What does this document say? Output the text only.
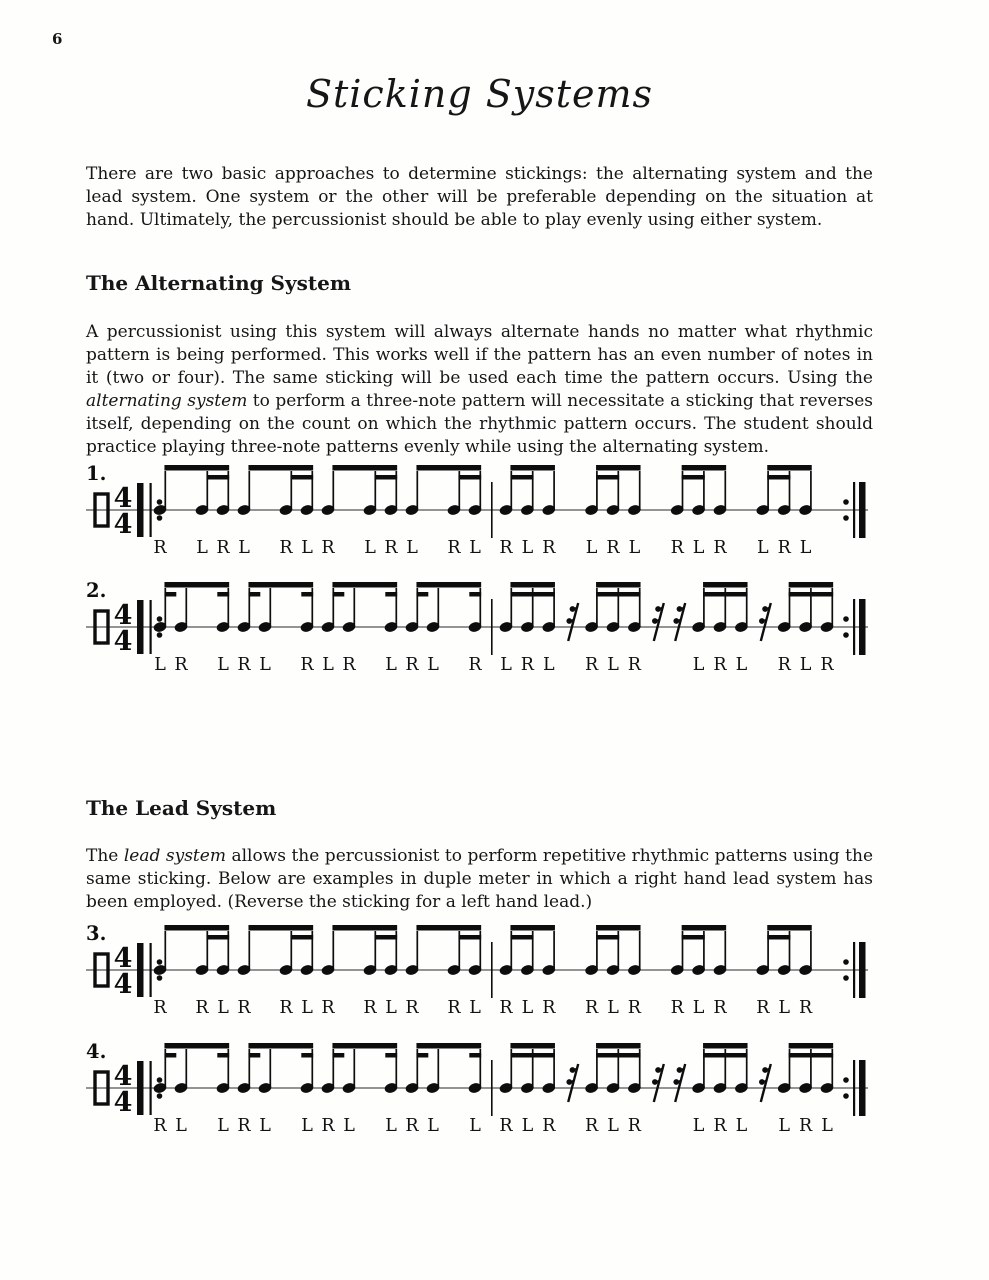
6
Sticking Systems

There are two basic approaches to determine stickings: the alternating system and the lead system. One system or the other will be preferable depending on the situation at hand. Ultimately, the percussionist should be able to play evenly using either system.

The Alternating System

A percussionist using this system will always alternate hands no matter what rhythmic pattern is being performed. This works well if the pattern has an even number of notes in it (two or four). The same sticking will be used each time the pattern occurs. Using the alternating system to perform a three-note pattern will necessitate a sticking that reverses itself, depending on the count on which the rhythmic pattern occurs. The student should practice playing three-note patterns evenly while using the alternating system.

1.
4
4
R L R L R L R L R L R L R L R L R L R L R L R L
2.
4
4
L R L R L R L R L R L R L R L R L R	L R L R L R
The Lead System

The lead system allows the percussionist to perform repetitive rhythmic patterns using the same sticking. Below are examples in duple meter in which a right hand lead system has been employed. (Reverse the sticking for a left hand lead.)

3.
4
4
R R L R R L R R L R R L R L R R L R R L R R L R
4.
4
4
R L L R L L R L L R L L R L R R L R	L R L L R L
